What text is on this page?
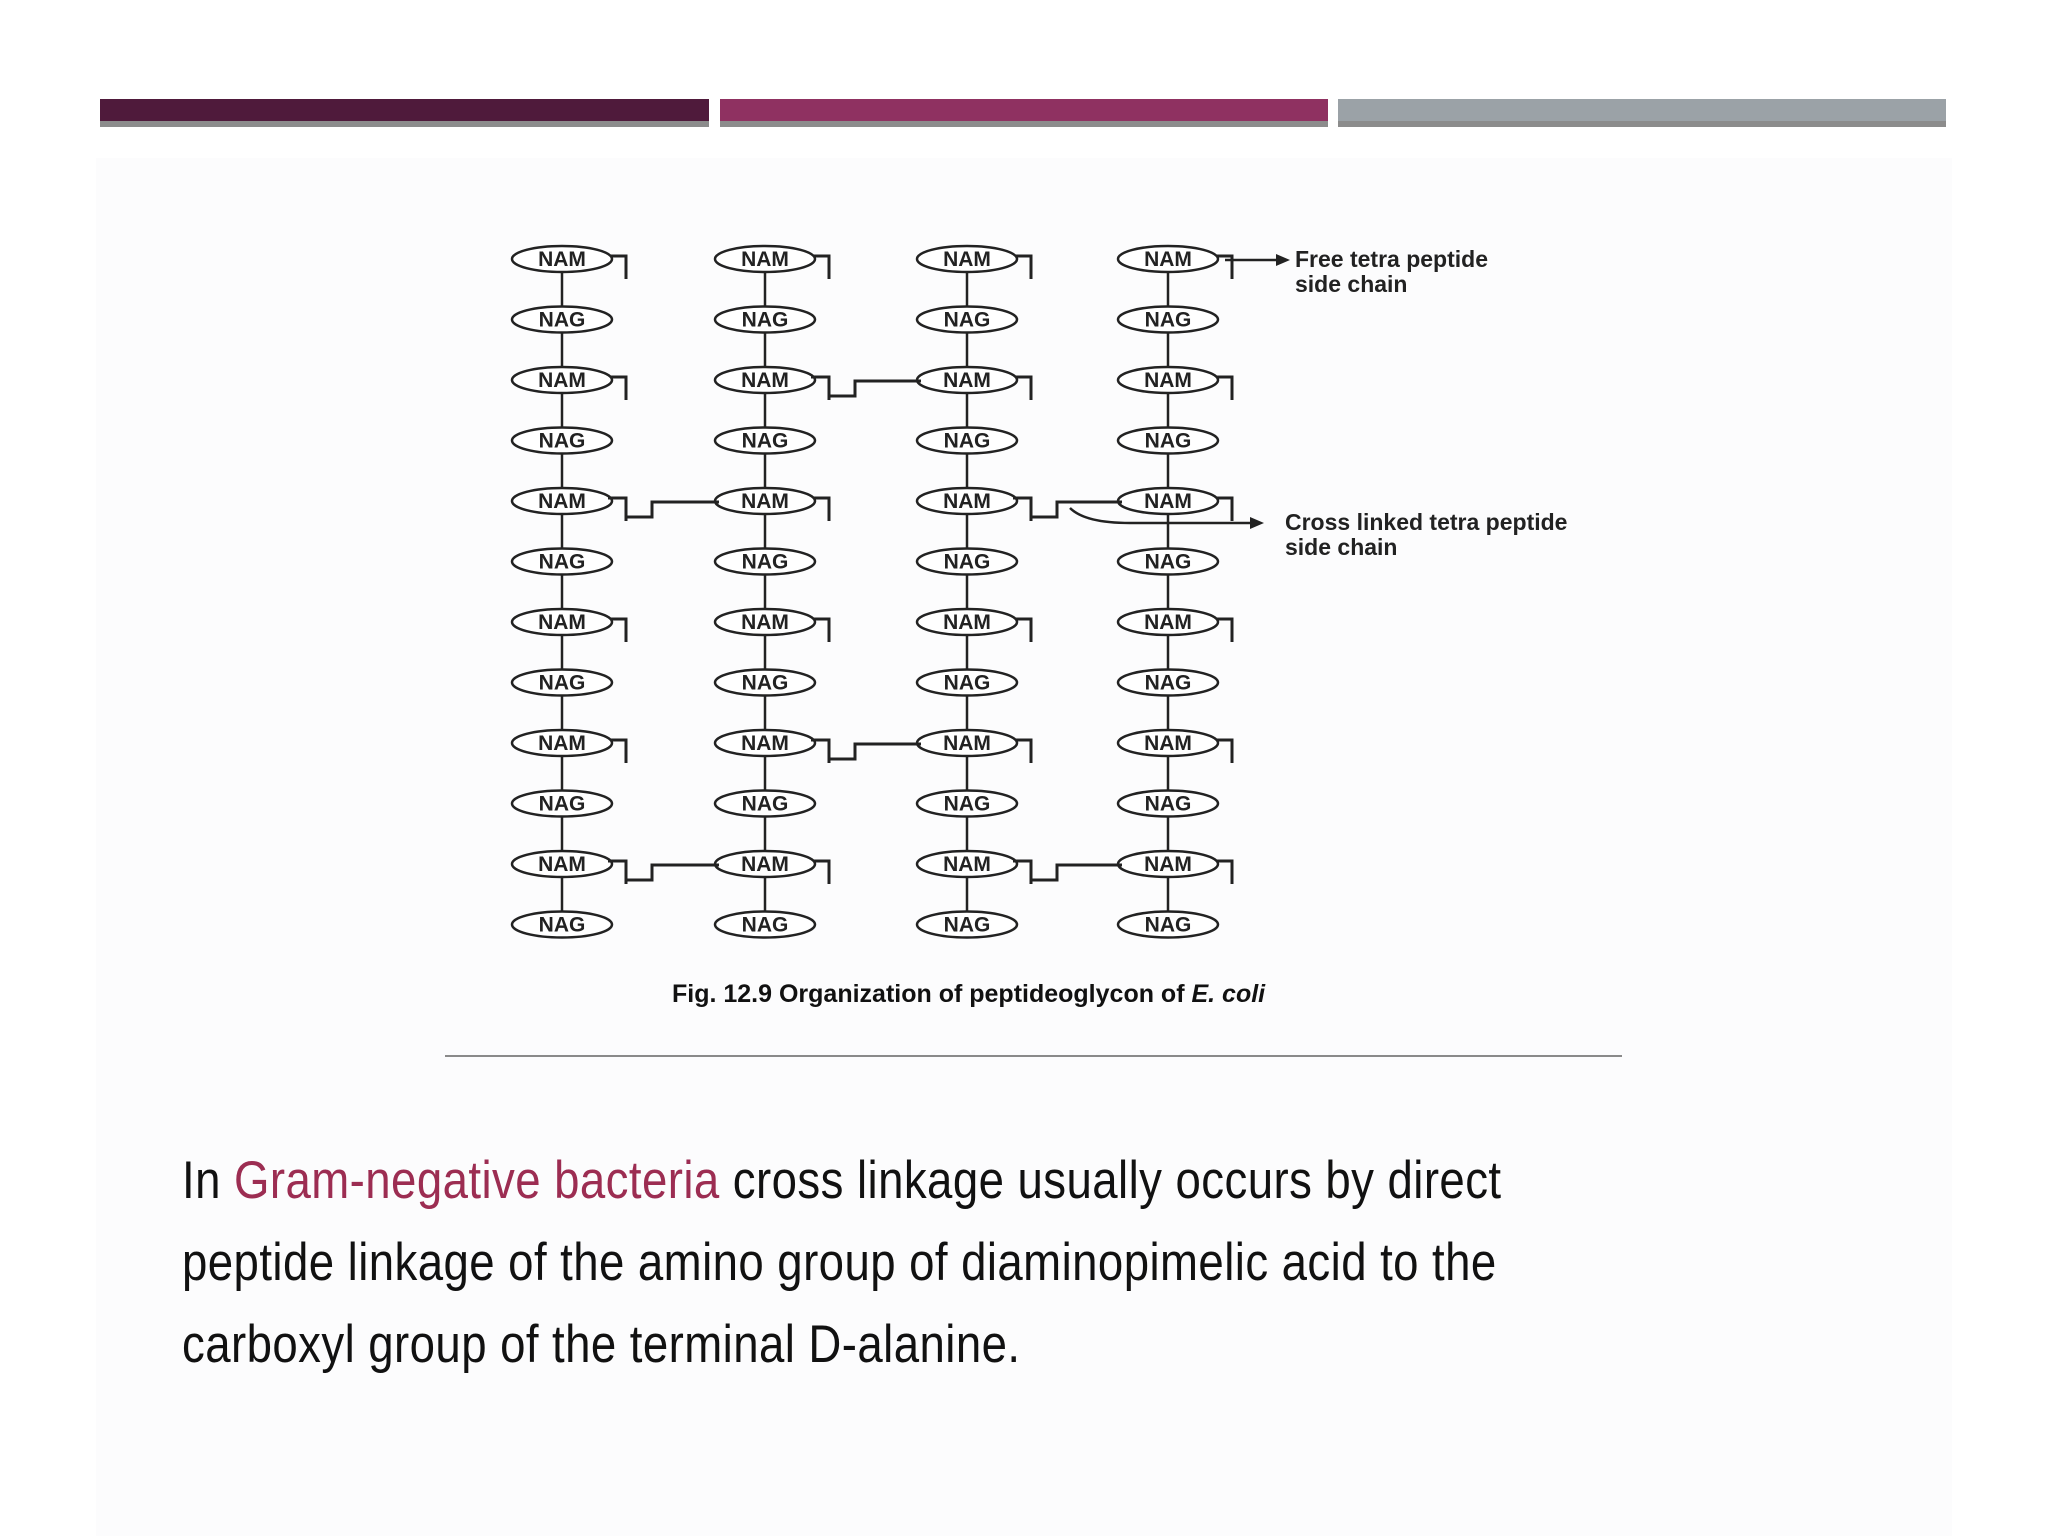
NAM
NAG
NAM
NAG
NAM
NAG
NAM
NAG
NAM
NAG
NAM
NAG
NAM
NAG
NAM
NAG
NAM
NAG
NAM
NAG
NAM
NAG
NAM
NAG
NAM
NAG
NAM
NAG
NAM
NAG
NAM
NAG
NAM
NAG
NAM
NAG
NAM
NAG
NAM
NAG
NAM
NAG
NAM
NAG
NAM
NAG
NAM
NAG
Free tetra peptide
side chain
Cross linked tetra peptide
side chain
Fig. 12.9 Organization of peptideoglycon of E. coli
In Gram-negative bacteria cross linkage usually occurs by direct peptide linkage of the amino group of diaminopimelic acid to the carboxyl group of the terminal D-alanine.
